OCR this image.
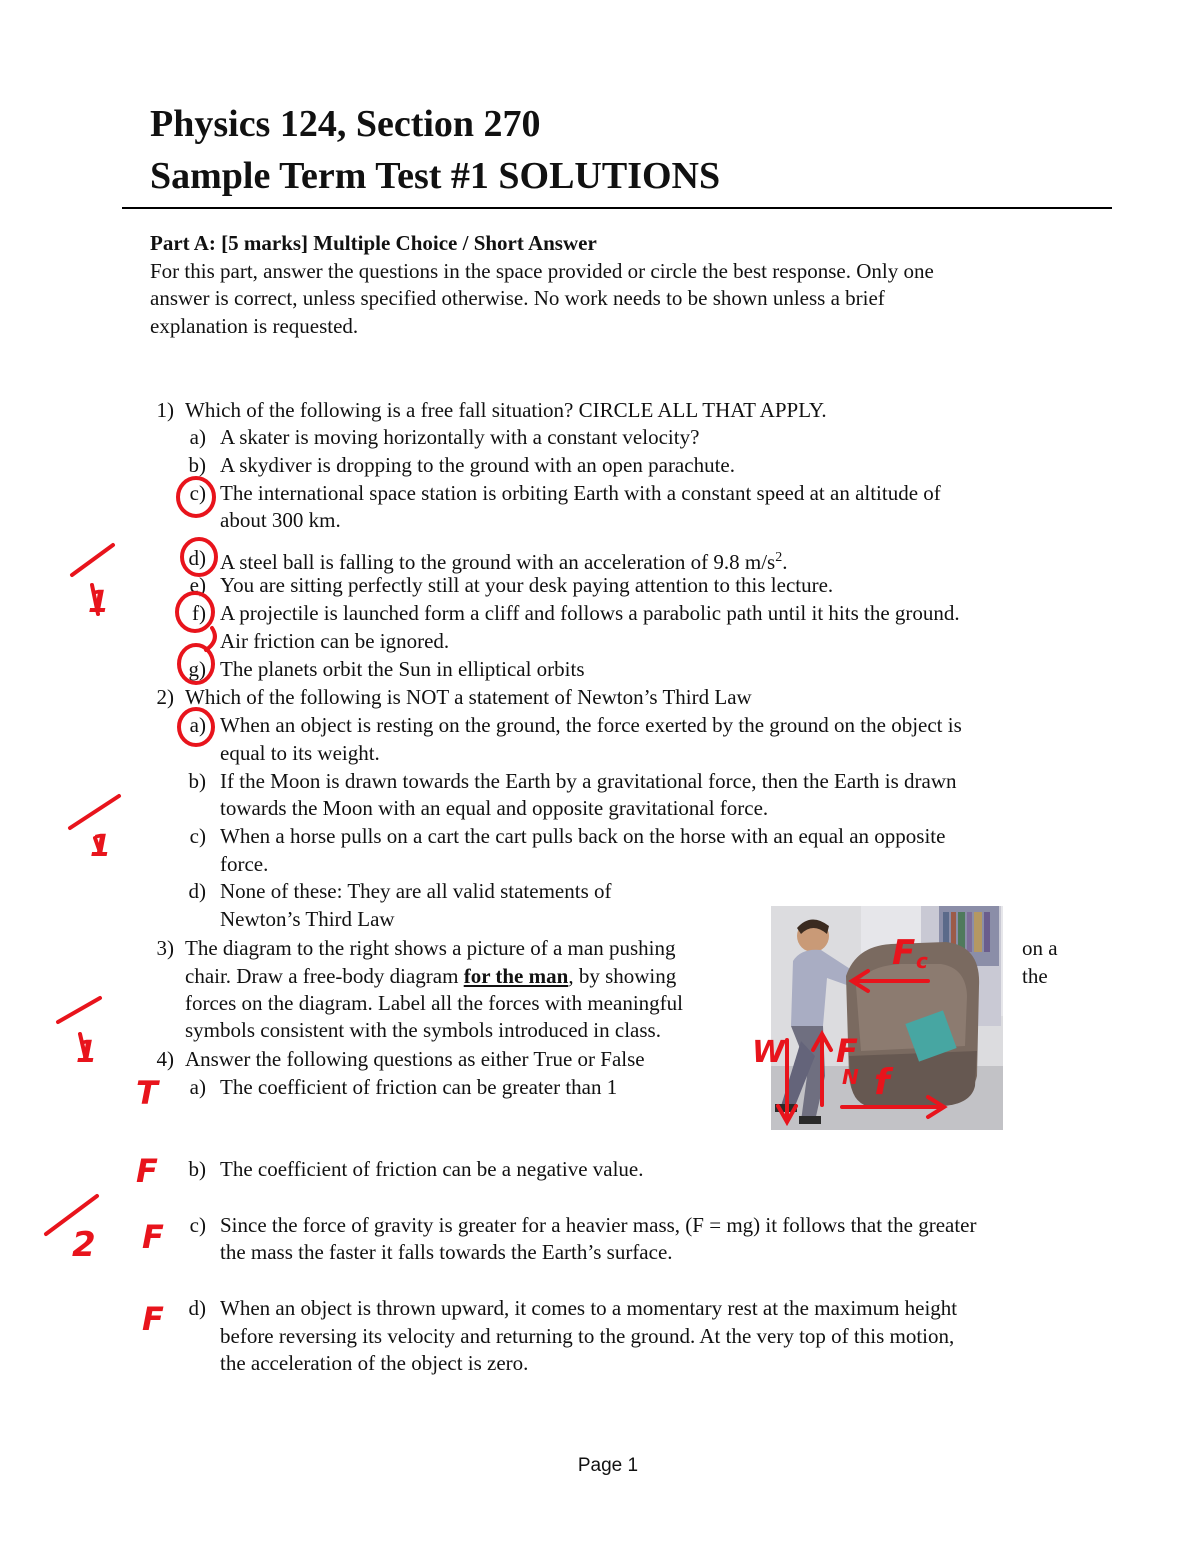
Physics 124, Section 270
Sample Term Test #1 SOLUTIONS
Part A: [5 marks] Multiple Choice / Short Answer
For this part, answer the questions in the space provided or circle the best response. Only one
answer is correct, unless specified otherwise. No work needs to be shown unless a brief
explanation is requested.
1) Which of the following is a free fall situation? CIRCLE ALL THAT APPLY.
a) A skater is moving horizontally with a constant velocity?
b) A skydiver is dropping to the ground with an open parachute.
c) The international space station is orbiting Earth with a constant speed at an altitude of
about 300 km.
d) A steel ball is falling to the ground with an acceleration of 9.8 $m/s^2$.
e) You are sitting perfectly still at your desk paying attention to this lecture.
f) A projectile is launched form a cliff and follows a parabolic path until it hits the ground.
Air friction can be ignored.
g) The planets orbit the Sun in elliptical orbits
2) Which of the following is NOT a statement of Newton’s Third Law
a) When an object is resting on the ground, the force exerted by the ground on the object is
equal to its weight.
b) If the Moon is drawn towards the Earth by a gravitational force, then the Earth is drawn
towards the Moon with an equal and opposite gravitational force.
c) When a horse pulls on a cart the cart pulls back on the horse with an equal an opposite
force.
d) None of these: They are all valid statements of
Newton’s Third Law
3) The diagram to the right shows a picture of a man pushing	on a
chair. Draw a free-body diagram for the man, by showing	the
forces on the diagram. Label all the forces with meaningful
symbols consistent with the symbols introduced in class.
4) Answer the following questions as either True or False
a) The coefficient of friction can be greater than 1
b) The coefficient of friction can be a negative value.
c) Since the force of gravity is greater for a heavier mass, (F = mg) it follows that the greater
the mass the faster it falls towards the Earth’s surface.
d) When an object is thrown upward, it comes to a momentary rest at the maximum height
before reversing its velocity and returning to the ground. At the very top of this motion,
the acceleration of the object is zero.
1
1
1
2
T
F
F
F
F c
W F
N f
Page 1
